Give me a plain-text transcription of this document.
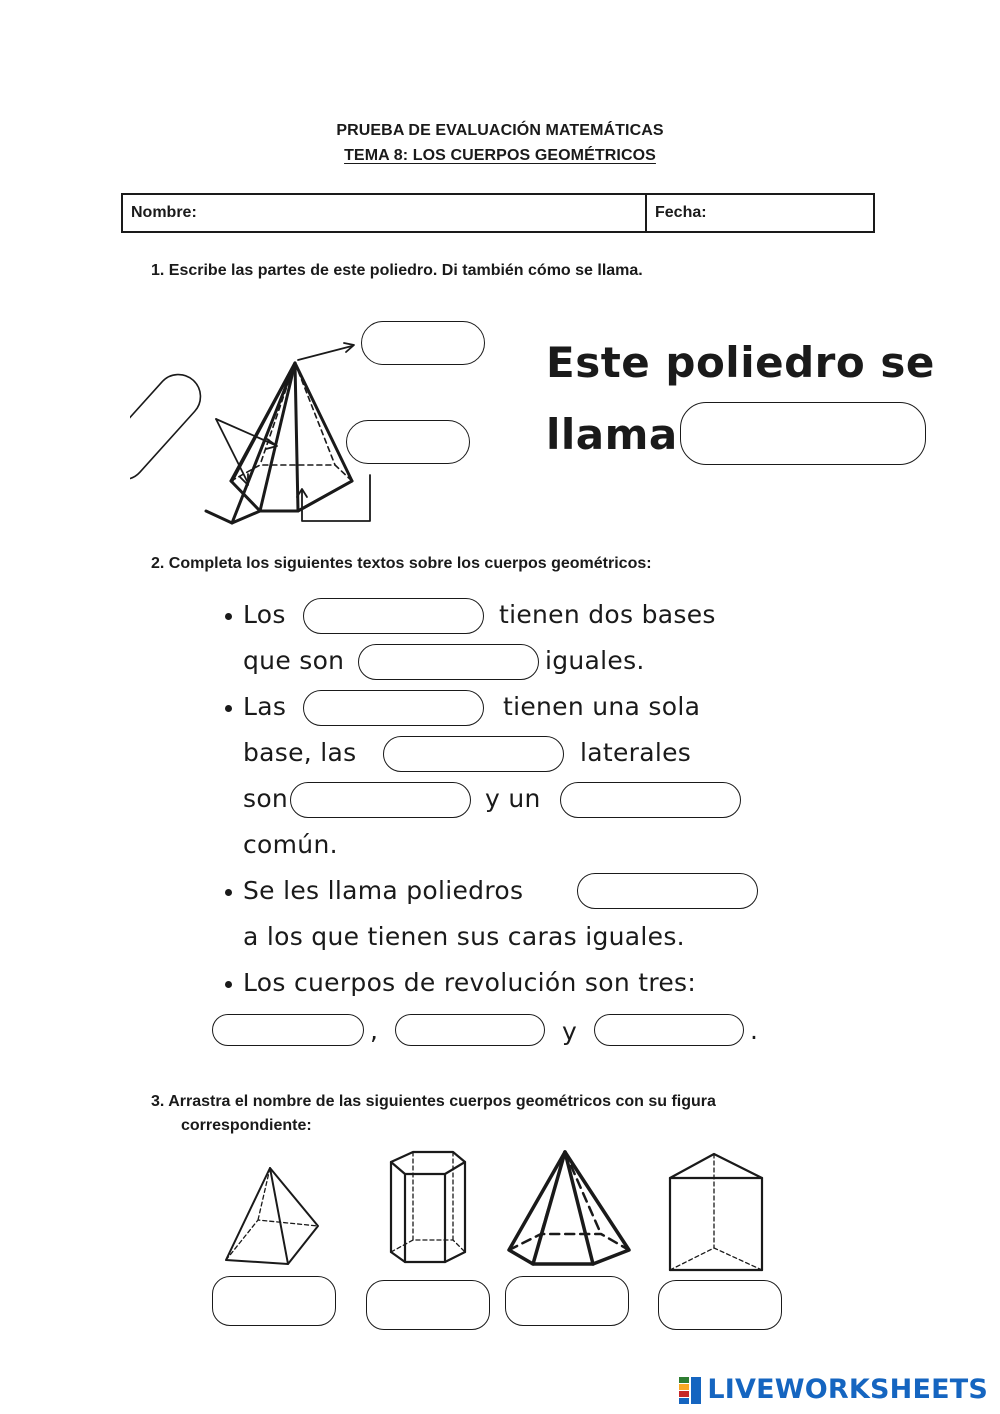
PRUEBA DE EVALUACIÓN MATEMÁTICAS
TEMA 8: LOS CUERPOS GEOMÉTRICOS
Nombre:	Fecha:
1. Escribe las partes de este poliedro. Di también cómo se llama.
Este poliedro se
llama
2. Completa los siguientes textos sobre los cuerpos geométricos:
Los	tienen dos bases
que son	iguales.
Las	tienen una sola
base, las	laterales
son	y un
común.
Se les llama poliedros
a los que tienen sus caras iguales.
Los cuerpos de revolución son tres:
,	y	.
3. Arrastra el nombre de las siguientes cuerpos geométricos con su figura
correspondiente:
LIVEWORKSHEETS
